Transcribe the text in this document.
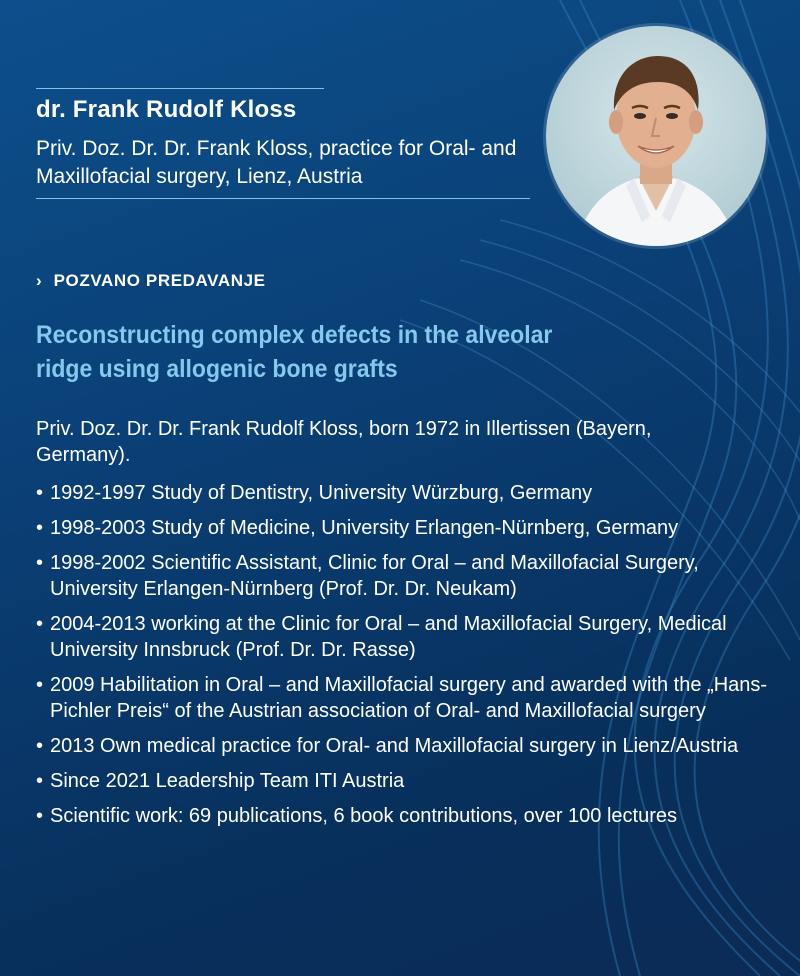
dr. Frank Rudolf Kloss
Priv. Doz. Dr. Dr. Frank Kloss, practice for Oral- and Maxillofacial surgery, Lienz, Austria
› POZVANO PREDAVANJE
Reconstructing complex defects in the alveolar ridge using allogenic bone grafts
Priv. Doz. Dr. Dr. Frank Rudolf Kloss, born 1972 in Illertissen (Bayern, Germany).
• 1992-1997 Study of Dentistry, University Würzburg, Germany
• 1998-2003 Study of Medicine, University Erlangen-Nürnberg, Germany
• 1998-2002 Scientific Assistant, Clinic for Oral – and Maxillofacial Surgery, University Erlangen-Nürnberg (Prof. Dr. Dr. Neukam)
• 2004-2013 working at the Clinic for Oral – and Maxillofacial Surgery, Medical University Innsbruck (Prof. Dr. Dr. Rasse)
• 2009 Habilitation in Oral – and Maxillofacial surgery and awarded with the „Hans-Pichler Preis“ of the Austrian association of Oral- and Maxillofacial surgery
• 2013 Own medical practice for Oral- and Maxillofacial surgery in Lienz/Austria
• Since 2021 Leadership Team ITI Austria
• Scientific work: 69 publications, 6 book contributions, over 100 lectures
